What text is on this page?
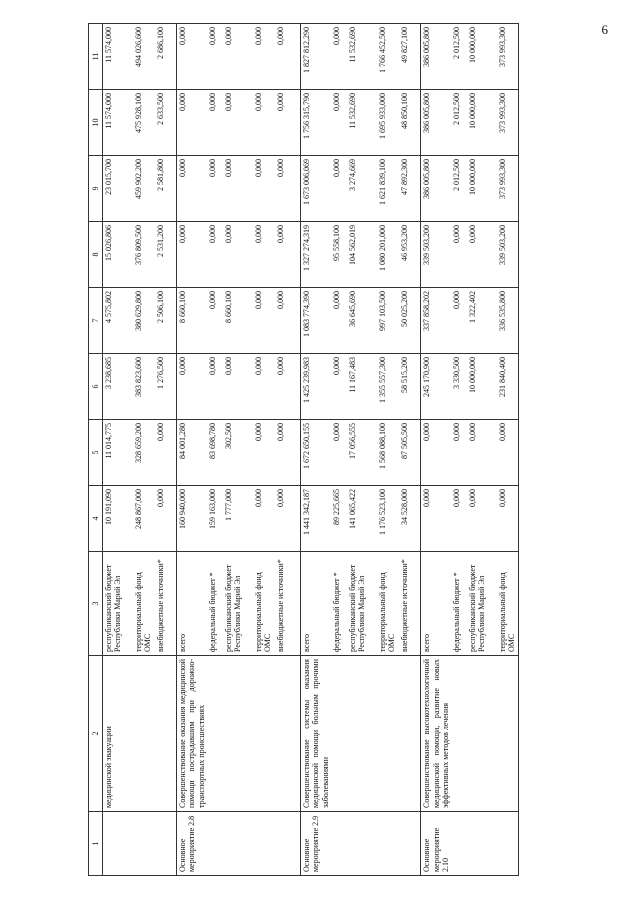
6
1	2	3	4	5	6	7	8	9	10	11
	медицинской эвакуации	республиканский бюджет Республики Марий Эл	10 191,090	11 014,775	3 238,685	4 575,802	15 026,806	23 015,700	11 574,000	11 574,000
		территориальный фонд ОМС	248 867,000	328 659,200	383 823,600	380 629,800	376 809,500	459 902,200	475 928,100	494 026,600
		внебюджетные источники*	0,000	0,000	1 276,500	2 506,100	2 531,200	2 581,800	2 633,500	2 686,100
Основное мероприятие 2.8	Совершенствование оказания медицинской помощи пострадавшим при дорожно-транспортных происшествиях	всего	160 940,000	84 001,280	0,000	8 660,100	0,000	0,000	0,000	0,000
		федеральный бюджет *	159 163,000	83 698,780	0,000	0,000	0,000	0,000	0,000	0,000
		республиканский бюджет Республики Марий Эл	1 777,000	302,500	0,000	8 660,100	0,000	0,000	0,000	0,000
		территориальный фонд ОМС	0,000	0,000	0,000	0,000	0,000	0,000	0,000	0,000
		внебюджетные источники*	0,000	0,000	0,000	0,000	0,000	0,000	0,000	0,000
Основное мероприятие 2.9	Совершенствование системы оказания медицинской помощи больным прочими заболеваниями	всего	1 441 342,187	1 672 650,155	1 425 239,983	1 083 774,390	1 327 274,319	1 673 006,069	1 756 315,790	1 827 812,290
		федеральный бюджет *	89 225,665	0,000	0,000	0,000	95 558,100	0,000	0,000	0,000
		республиканский бюджет Республики Марий Эл	141 065,422	17 056,555	11 167,483	36 645,690	104 562,019	3 274,669	11 532,690	11 532,690
		территориальный фонд ОМС	1 176 523,100	1 568 088,100	1 355 557,300	997 103,500	1 080 201,000	1 621 839,100	1 695 933,000	1 766 452,500
		внебюджетные источники*	34 528,000	87 505,500	58 515,200	50 025,200	46 953,200	47 892,300	48 850,100	49 827,100
Основное мероприятие 2.10	Совершенствование высокотехнологичной медицинской помощи, развитие новых эффективных методов лечения	всего	0,000	0,000	245 170,900	337 858,202	339 503,200	386 005,800	386 005,800	386 005,800
		федеральный бюджет *	0,000	0,000	3 330,500	0,000	0,000	2 012,500	2 012,500	2 012,500
		республиканский бюджет Республики Марий Эл	0,000	0,000	10 000,000	1 322,402	0,000	10 000,000	10 000,000	10 000,000
		территориальный фонд ОМС	0,000	0,000	231 840,400	336 535,800	339 503,200	373 993,300	373 993,300	373 993,300
